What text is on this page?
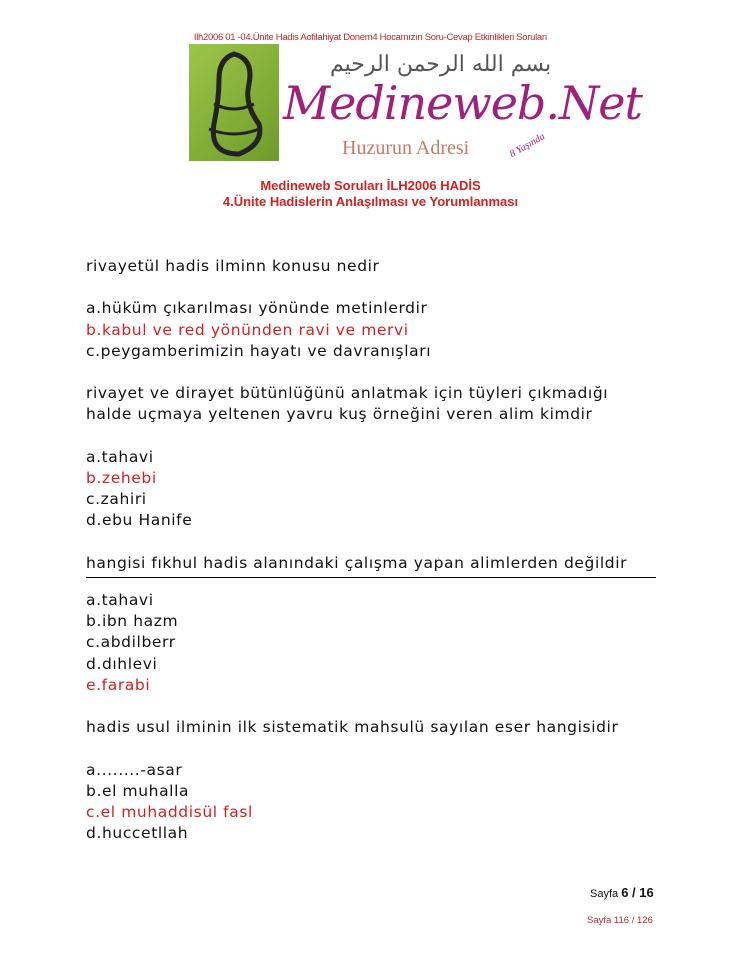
Ilh2006 01 -04.Ünite Hadis Aofilahiyat Donem4 Hocamızın Soru-Cevap Etkinlikleri Soruları
بسم الله الرحمن الرحيم
Medineweb.Net
Huzurun Adresi	8 Yaşında
Medineweb Soruları İLH2006 HADİS
4.Ünite Hadislerin Anlaşılması ve Yorumlanması
rivayetül hadis ilminn konusu nedir
a.hüküm çıkarılması yönünde metinlerdir
b.kabul ve red yönünden ravi ve mervi
c.peygamberimizin hayatı ve davranışları
rivayet ve dirayet bütünlüğünü anlatmak için tüyleri çıkmadığı
halde uçmaya yeltenen yavru kuş örneğini veren alim kimdir
a.tahavi
b.zehebi
c.zahiri
d.ebu Hanife
hangisi fıkhul hadis alanındaki çalışma yapan alimlerden değildir
a.tahavi
b.ibn hazm
c.abdilberr
d.dıhlevi
e.farabi
hadis usul ilminin ilk sistematik mahsulü sayılan eser hangisidir
a........-asar
b.el muhalla
c.el muhaddisül fasl
d.huccetllah
Sayfa 6 / 16
Sayfa 116 / 126
